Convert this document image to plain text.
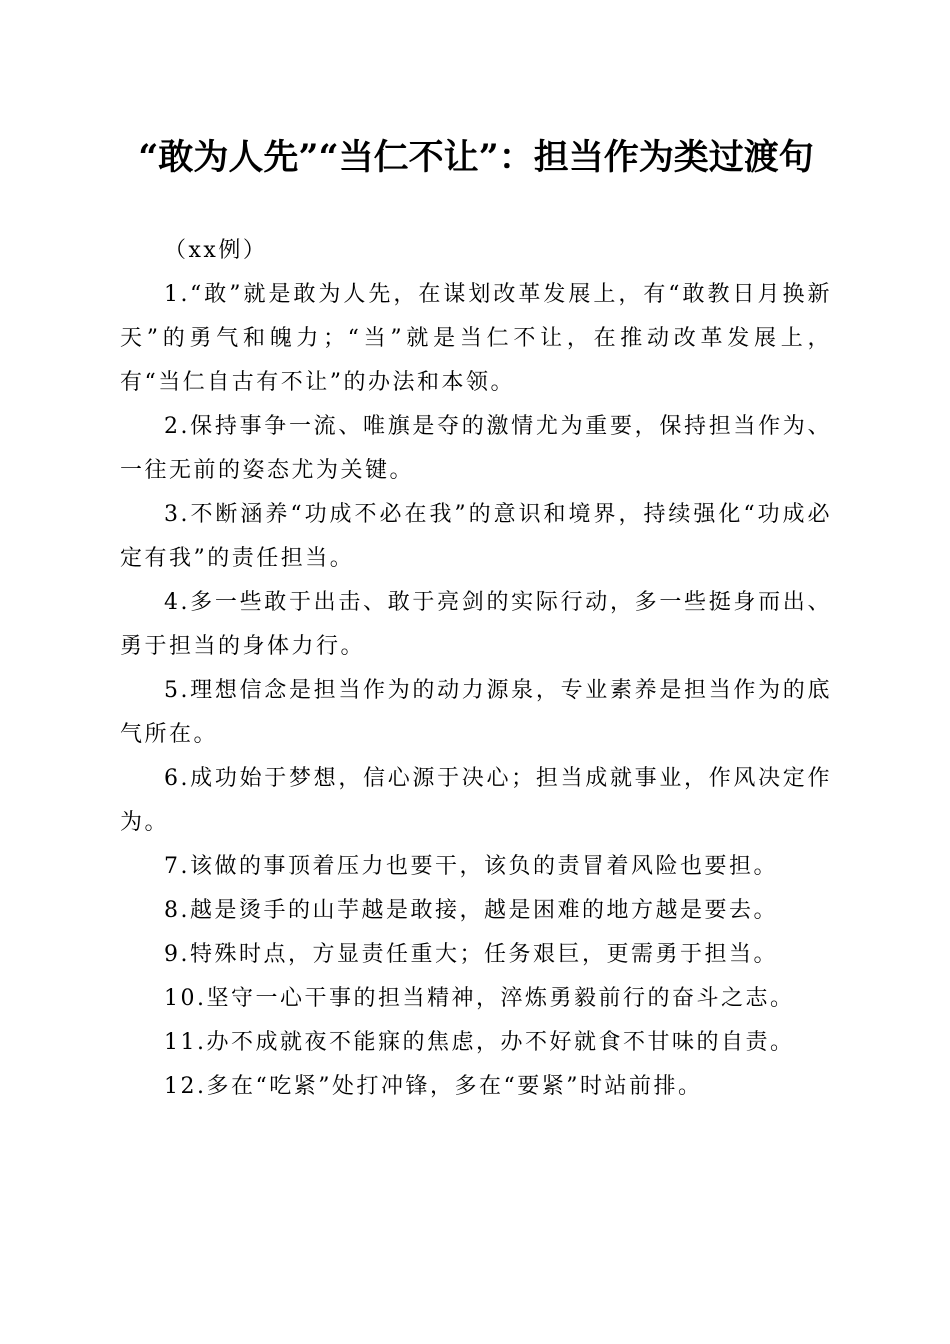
“敢为人先”“当仁不让”：担当作为类过渡句

（xx例）

1.“敢”就是敢为人先，在谋划改革发展上，有“敢教日月换新天”的勇气和魄力；“当”就是当仁不让，在推动改革发展上，有“当仁自古有不让”的办法和本领。

2.保持事争一流、唯旗是夺的激情尤为重要，保持担当作为、一往无前的姿态尤为关键。

3.不断涵养“功成不必在我”的意识和境界，持续强化“功成必定有我”的责任担当。

4.多一些敢于出击、敢于亮剑的实际行动，多一些挺身而出、勇于担当的身体力行。

5.理想信念是担当作为的动力源泉，专业素养是担当作为的底气所在。

6.成功始于梦想，信心源于决心；担当成就事业，作风决定作为。

7.该做的事顶着压力也要干，该负的责冒着风险也要担。

8.越是烫手的山芋越是敢接，越是困难的地方越是要去。

9.特殊时点，方显责任重大；任务艰巨，更需勇于担当。

10.坚守一心干事的担当精神，淬炼勇毅前行的奋斗之志。

11.办不成就夜不能寐的焦虑，办不好就食不甘味的自责。

12.多在“吃紧”处打冲锋，多在“要紧”时站前排。
